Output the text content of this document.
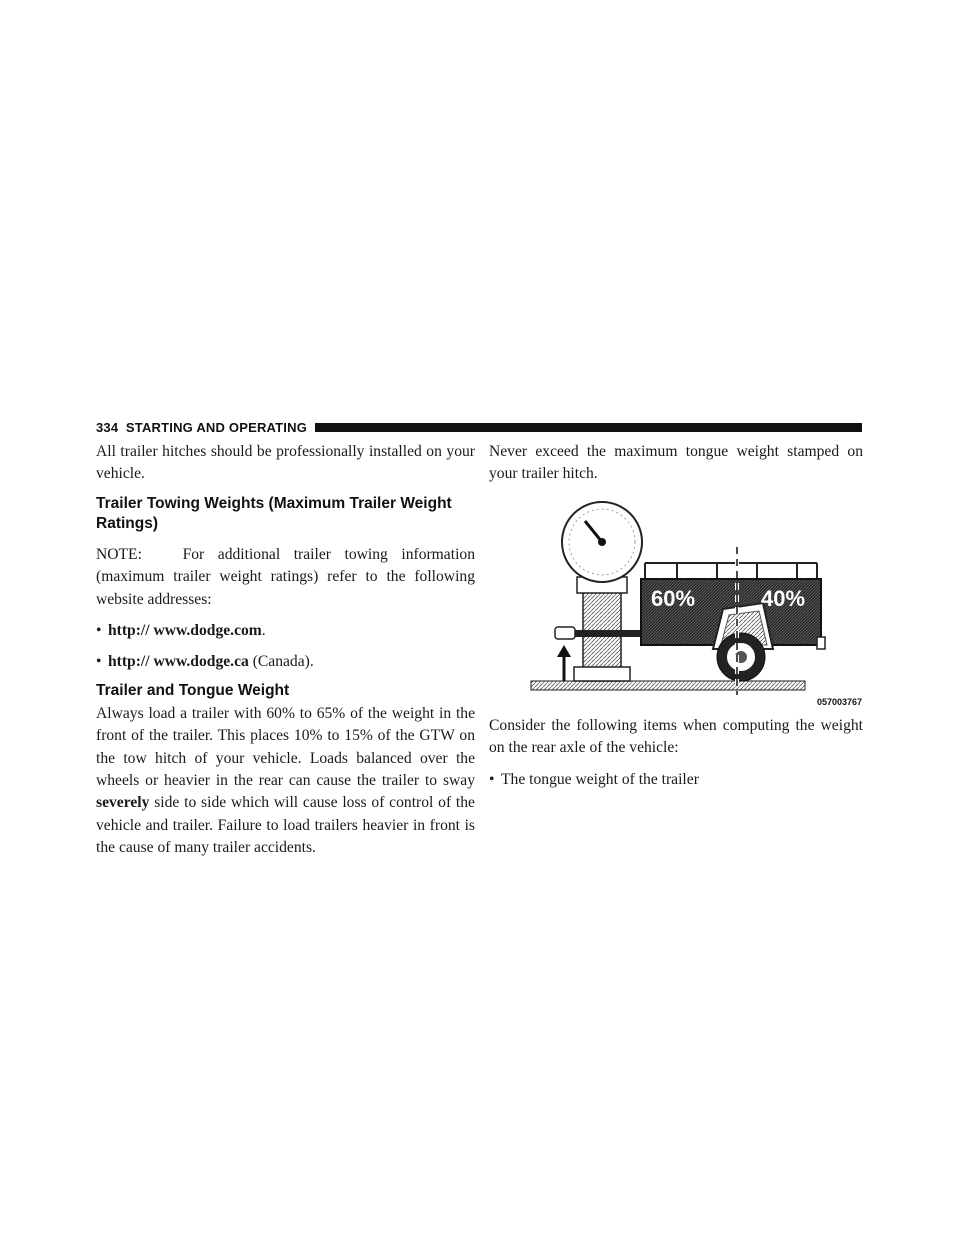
334 STARTING AND OPERATING

All trailer hitches should be professionally installed on your vehicle.

Trailer Towing Weights (Maximum Trailer Weight Ratings)

NOTE:	For additional trailer towing information (maximum trailer weight ratings) refer to the following website addresses:

• http:// www.dodge.com.
• http:// www.dodge.ca (Canada).
Trailer and Tongue Weight

Always load a trailer with 60% to 65% of the weight in the front of the trailer. This places 10% to 15% of the GTW on the tow hitch of your vehicle. Loads balanced over the wheels or heavier in the rear can cause the trailer to sway severely side to side which will cause loss of control of the vehicle and trailer. Failure to load trailers heavier in front is the cause of many trailer accidents.

Never exceed the maximum tongue weight stamped on your trailer hitch.

60%	40%
057003767

Consider the following items when computing the weight on the rear axle of the vehicle:

• The tongue weight of the trailer
